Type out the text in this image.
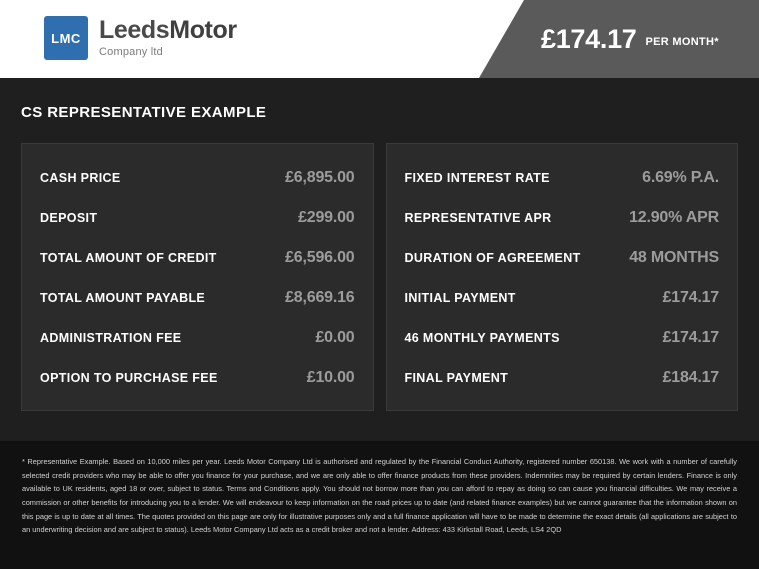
£174.17 PER MONTH*
LMC LeedsMotor
Company ltd
CS REPRESENTATIVE EXAMPLE
CASH PRICE	£6,895.00
DEPOSIT	£299.00
TOTAL AMOUNT OF CREDIT	£6,596.00
TOTAL AMOUNT PAYABLE	£8,669.16
ADMINISTRATION FEE	£0.00
OPTION TO PURCHASE FEE	£10.00
FIXED INTEREST RATE	6.69% P.A.
REPRESENTATIVE APR	12.90% APR
DURATION OF AGREEMENT	48 MONTHS
INITIAL PAYMENT	£174.17
46 MONTHLY PAYMENTS	£174.17
FINAL PAYMENT	£184.17
* Representative Example. Based on 10,000 miles per year. Leeds Motor Company Ltd is authorised and regulated by the Financial Conduct Authority, registered number 650138. We work with a number of carefully selected credit providers who may be able to offer you finance for your purchase, and we are only able to offer finance products from these providers. Indemnities may be required by certain lenders. Finance is only available to UK residents, aged 18 or over, subject to status. Terms and Conditions apply. You should not borrow more than you can afford to repay as doing so can cause you financial difficulties. We may receive a commission or other benefits for introducing you to a lender. We will endeavour to keep information on the road prices up to date (and related finance examples) but we cannot guarantee that the information shown on this page is up to date at all times. The quotes provided on this page are only for illustrative purposes only and a full finance application will have to be made to determine the exact details (all applications are subject to an underwriting decision and are subject to status). Leeds Motor Company Ltd acts as a credit broker and not a lender. Address: 433 Kirkstall Road, Leeds, LS4 2QD
